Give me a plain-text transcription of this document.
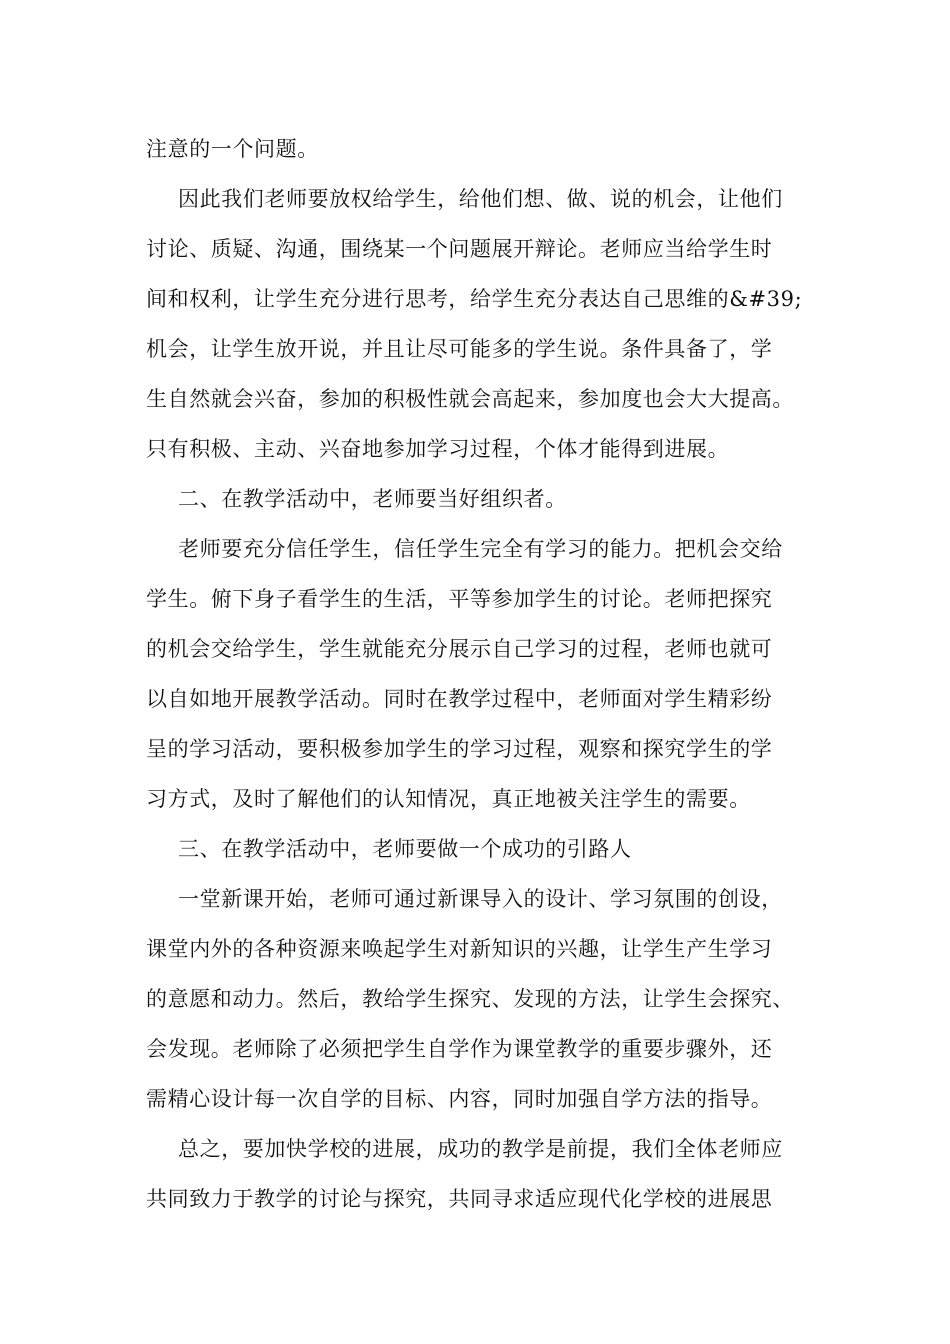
注意的一个问题。
因此我们老师要放权给学生，给他们想、做、说的机会，让他们
讨论、质疑、沟通，围绕某一个问题展开辩论。老师应当给学生时
间和权利，让学生充分进行思考，给学生充分表达自己思维的&#39;
机会，让学生放开说，并且让尽可能多的学生说。条件具备了，学
生自然就会兴奋，参加的积极性就会高起来，参加度也会大大提高。
只有积极、主动、兴奋地参加学习过程，个体才能得到进展。
二、在教学活动中，老师要当好组织者。
老师要充分信任学生，信任学生完全有学习的能力。把机会交给
学生。俯下身子看学生的生活，平等参加学生的讨论。老师把探究
的机会交给学生，学生就能充分展示自己学习的过程，老师也就可
以自如地开展教学活动。同时在教学过程中，老师面对学生精彩纷
呈的学习活动，要积极参加学生的学习过程，观察和探究学生的学
习方式，及时了解他们的认知情况，真正地被关注学生的需要。
三、在教学活动中，老师要做一个成功的引路人
一堂新课开始，老师可通过新课导入的设计、学习氛围的创设，
课堂内外的各种资源来唤起学生对新知识的兴趣，让学生产生学习
的意愿和动力。然后，教给学生探究、发现的方法，让学生会探究、
会发现。老师除了必须把学生自学作为课堂教学的重要步骤外，还
需精心设计每一次自学的目标、内容，同时加强自学方法的指导。
总之，要加快学校的进展，成功的教学是前提，我们全体老师应
共同致力于教学的讨论与探究，共同寻求适应现代化学校的进展思
